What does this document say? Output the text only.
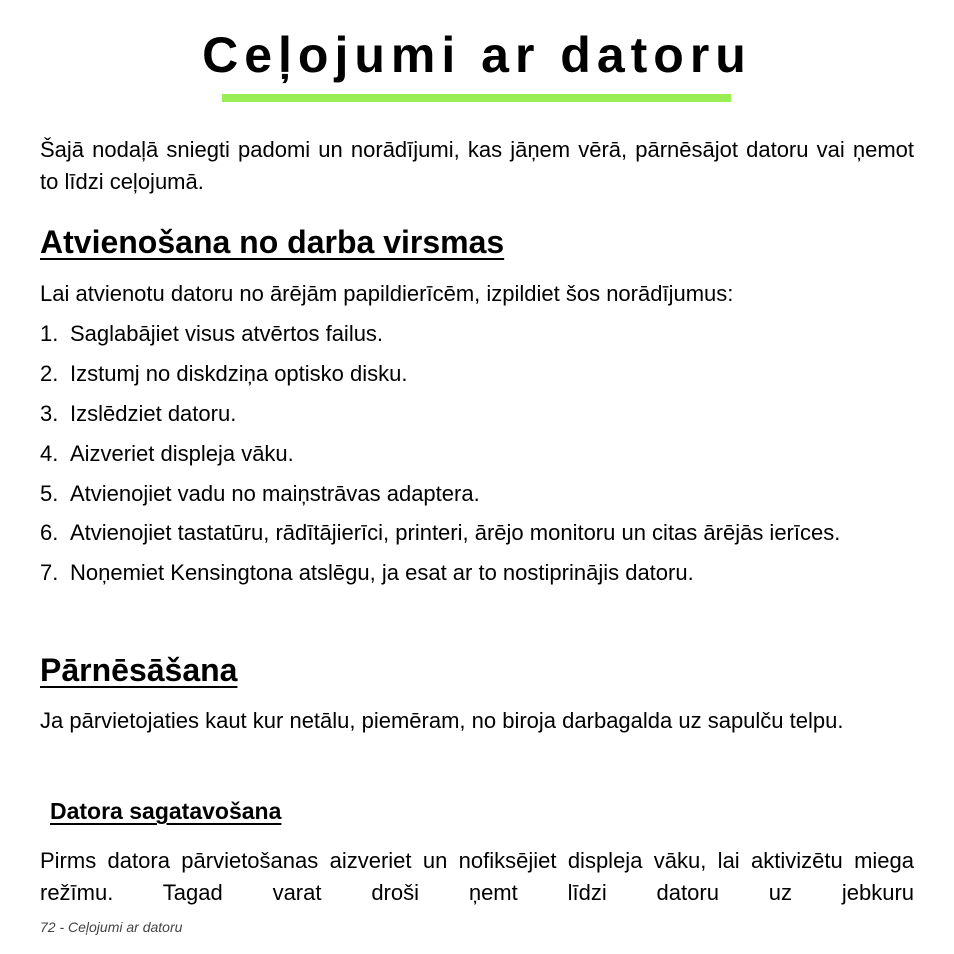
Ceļojumi ar datoru

Šajā nodaļā sniegti padomi un norādījumi, kas jāņem vērā, pārnēsājot datoru vai ņemot to līdzi ceļojumā.

Atvienošana no darba virsmas

Lai atvienotu datoru no ārējām papildierīcēm, izpildiet šos norādījumus:

1. Saglabājiet visus atvērtos failus.
2. Izstumj no diskdziņa optisko disku.
3. Izslēdziet datoru.
4. Aizveriet displeja vāku.
5. Atvienojiet vadu no maiņstrāvas adaptera.
6. Atvienojiet tastatūru, rādītājierīci, printeri, ārējo monitoru un citas ārējās ierīces.
7. Noņemiet Kensingtona atslēgu, ja esat ar to nostiprinājis datoru.
Pārnēsāšana

Ja pārvietojaties kaut kur netālu, piemēram, no biroja darbagalda uz sapulču telpu.

Datora sagatavošana

Pirms datora pārvietošanas aizveriet un nofiksējiet displeja vāku, lai aktivizētu miega režīmu. Tagad varat droši ņemt līdzi datoru uz jebkuru

72 - Ceļojumi ar datoru
